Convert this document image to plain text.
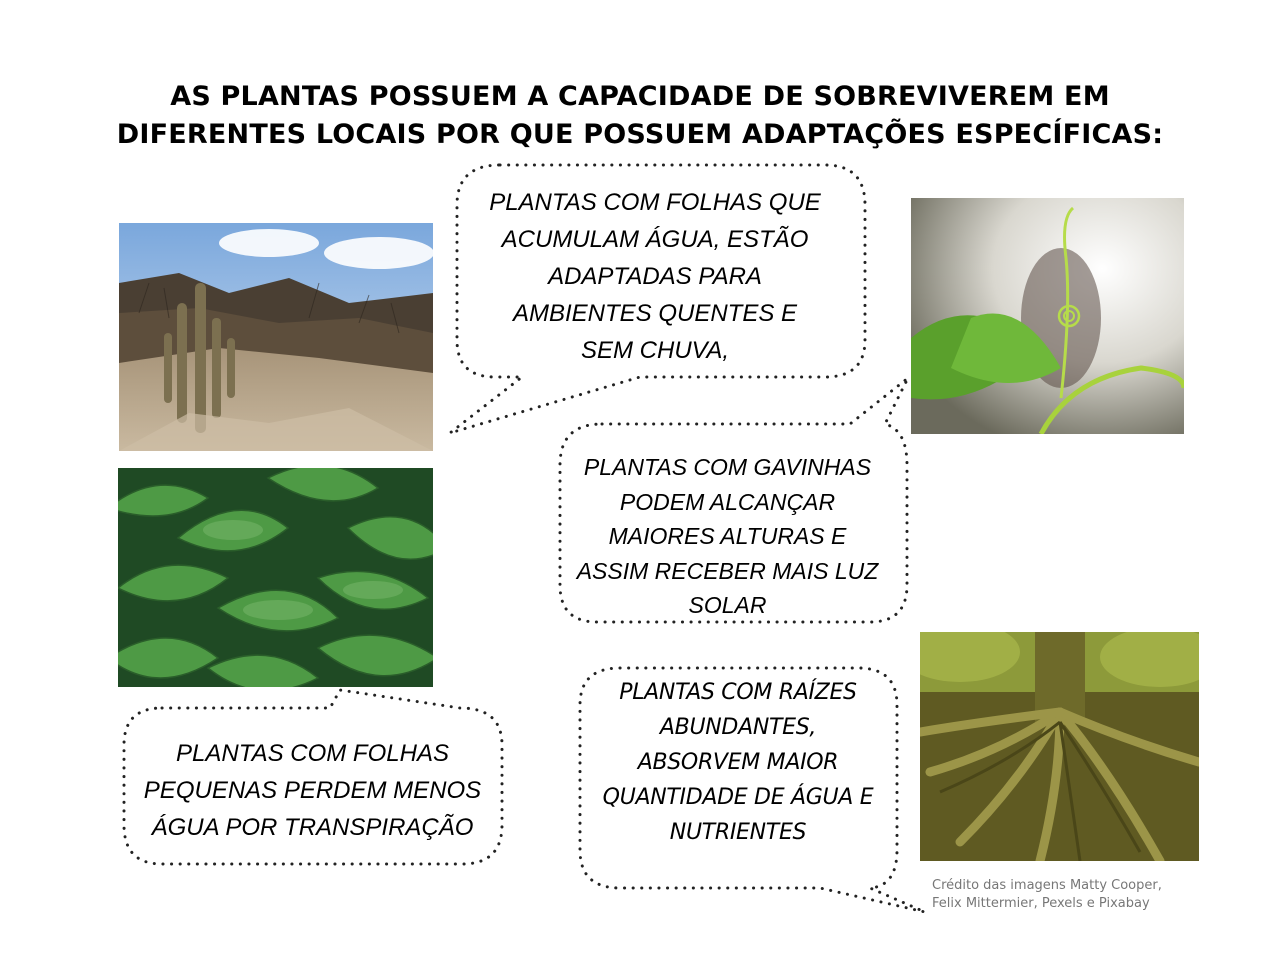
AS PLANTAS POSSUEM A CAPACIDADE DE SOBREVIVEREM EM
DIFERENTES LOCAIS POR QUE POSSUEM ADAPTAÇÕES ESPECÍFICAS:
PLANTAS COM FOLHAS QUE
ACUMULAM ÁGUA, ESTÃO
ADAPTADAS PARA
AMBIENTES QUENTES E
SEM CHUVA,
PLANTAS COM GAVINHAS
PODEM ALCANÇAR
MAIORES ALTURAS E
ASSIM RECEBER MAIS LUZ
SOLAR
PLANTAS COM FOLHAS
PEQUENAS PERDEM MENOS
ÁGUA POR TRANSPIRAÇÃO
PLANTAS COM RAÍZES
ABUNDANTES,
ABSORVEM MAIOR
QUANTIDADE DE ÁGUA E
NUTRIENTES
Crédito das imagens Matty Cooper,
Felix Mittermier, Pexels e Pixabay
